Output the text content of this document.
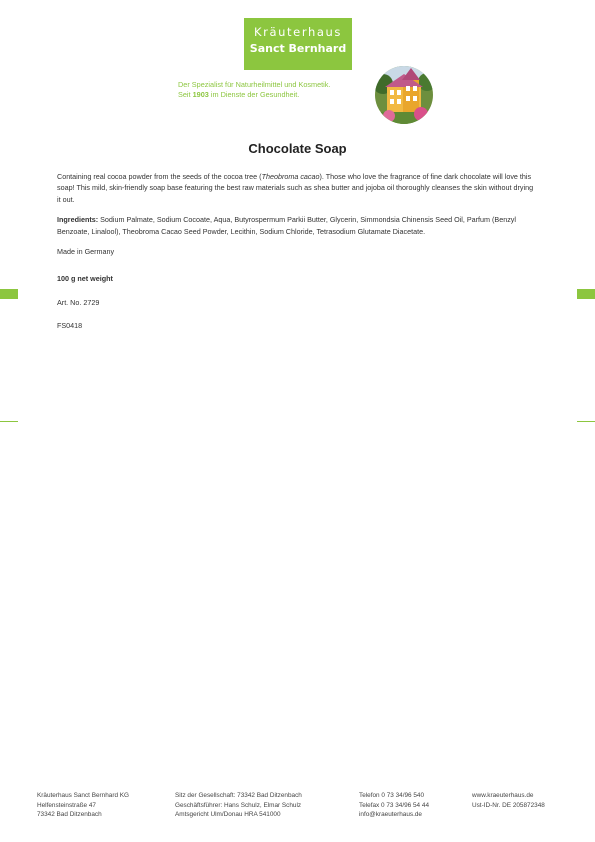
Kräuterhaus
Sanct Bernhard
Der Spezialist für Naturheilmittel und Kosmetik.
Seit 1903 im Dienste der Gesundheit.
Chocolate Soap

Containing real cocoa powder from the seeds of the cocoa tree (Theobroma cacao). Those who love the fragrance of fine dark chocolate will love this soap! This mild, skin-friendly soap base featuring the best raw materials such as shea butter and jojoba oil thoroughly cleanses the skin without drying it out.

Ingredients: Sodium Palmate, Sodium Cocoate, Aqua, Butyrospermum Parkii Butter, Glycerin, Simmondsia Chinensis Seed Oil, Parfum (Benzyl Benzoate, Linalool), Theobroma Cacao Seed Powder, Lecithin, Sodium Chloride, Tetrasodium Glutamate Diacetate.

Made in Germany

100 g net weight

Art. No. 2729

FS0418

Kräuterhaus Sanct Bernhard KG
Helfensteinstraße 47
73342 Bad Ditzenbach
Sitz der Gesellschaft: 73342 Bad Ditzenbach
Geschäftsführer: Hans Schulz, Elmar Schulz
Amtsgericht Ulm/Donau HRA 541000
Telefon 0 73 34/96 540
Telefax 0 73 34/96 54 44
info@kraeuterhaus.de
www.kraeuterhaus.de
Ust-ID-Nr. DE 205872348
